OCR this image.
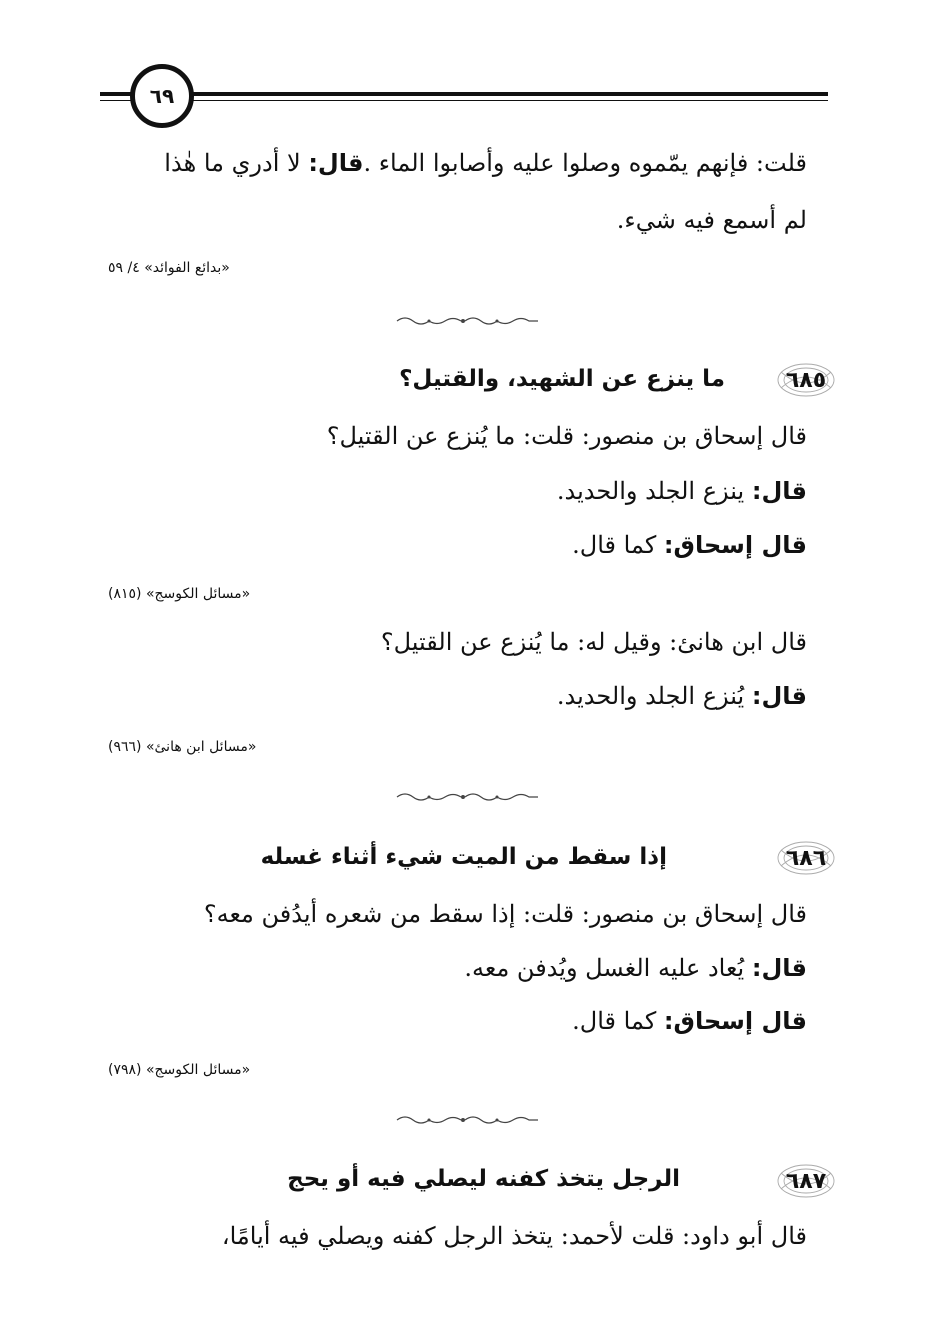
٦٩
قلت: فإنهم يمّموه وصلوا عليه وأصابوا الماء .قال: لا أدري ما هٰذا
لم أسمع فيه شيء.
«بدائع الفوائد» ٤/ ٥٩
٦٨٥
ما ينزع عن الشهيد، والقتيل؟
قال إسحاق بن منصور: قلت: ما يُنزع عن القتيل؟
قال: ينزع الجلد والحديد.
قال إسحاق: كما قال.
«مسائل الكوسج» (٨١٥)
قال ابن هانئ: وقيل له: ما يُنزع عن القتيل؟
قال: يُنزع الجلد والحديد.
«مسائل ابن هانئ» (٩٦٦)
٦٨٦
إذا سقط من الميت شيء أثناء غسله
قال إسحاق بن منصور: قلت: إذا سقط من شعره أيدُفن معه؟
قال: يُعاد عليه الغسل ويُدفن معه.
قال إسحاق: كما قال.
«مسائل الكوسج» (٧٩٨)
٦٨٧
الرجل يتخذ كفنه ليصلي فيه أو يحج
قال أبو داود: قلت لأحمد: يتخذ الرجل كفنه ويصلي فيه أيامًا،
